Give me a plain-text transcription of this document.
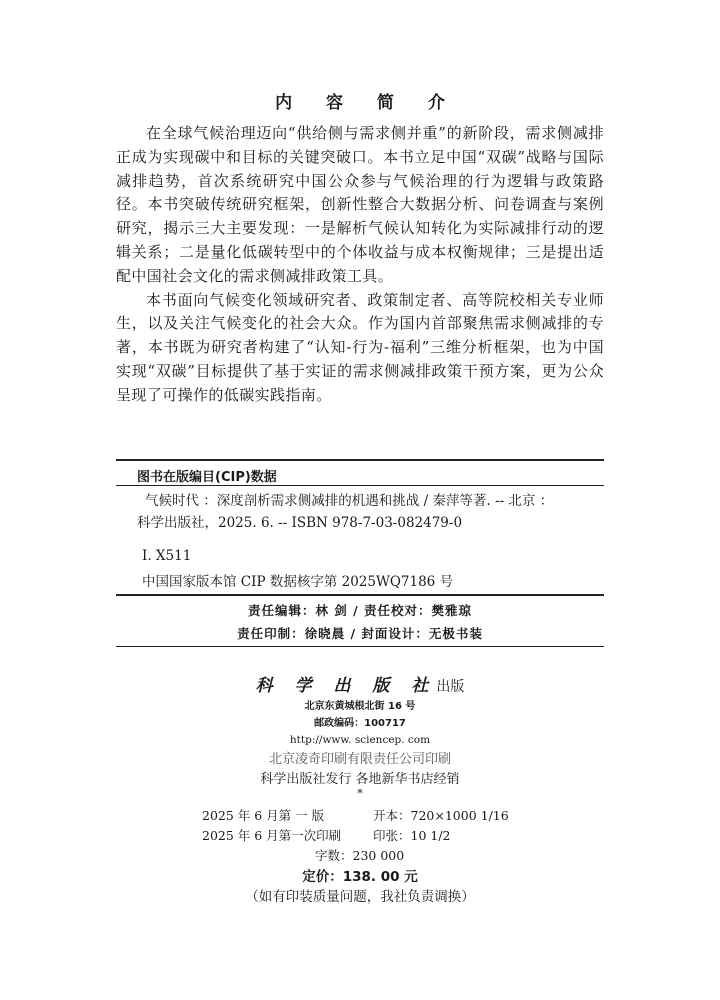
内 容 简 介

在全球气候治理迈向“供给侧与需求侧并重”的新阶段，需求侧减排正成为实现碳中和目标的关键突破口。本书立足中国“双碳”战略与国际减排趋势，首次系统研究中国公众参与气候治理的行为逻辑与政策路径。本书突破传统研究框架，创新性整合大数据分析、问卷调查与案例研究，揭示三大主要发现：一是解析气候认知转化为实际减排行动的逻辑关系；二是量化低碳转型中的个体收益与成本权衡规律；三是提出适配中国社会文化的需求侧减排政策工具。

本书面向气候变化领域研究者、政策制定者、高等院校相关专业师生，以及关注气候变化的社会大众。作为国内首部聚焦需求侧减排的专著，本书既为研究者构建了“认知-行为-福利”三维分析框架，也为中国实现“双碳”目标提供了基于实证的需求侧减排政策干预方案，更为公众呈现了可操作的低碳实践指南。

图书在版编目(CIP)数据
气候时代 ：深度剖析需求侧减排的机遇和挑战 / 秦萍等著. -- 北京 ：
科学出版社，2025. 6. -- ISBN 978-7-03-082479-0
Ⅰ. X511
中国国家版本馆 CIP 数据核字第 2025WQ7186 号
责任编辑：林 剑 / 责任校对：樊雅琼
责任印制：徐晓晨 / 封面设计：无极书装
科 学 出 版 社出版
北京东黄城根北街 16 号
邮政编码：100717
http://www. sciencep. com
北京凌奇印刷有限责任公司印刷
科学出版社发行 各地新华书店经销
*
2025 年 6 月第 一 版	开本：720×1000 1/16
2025 年 6 月第一次印刷	印张：10 1/2
字数：230 000
定价：138. 00 元
（如有印装质量问题，我社负责调换）
